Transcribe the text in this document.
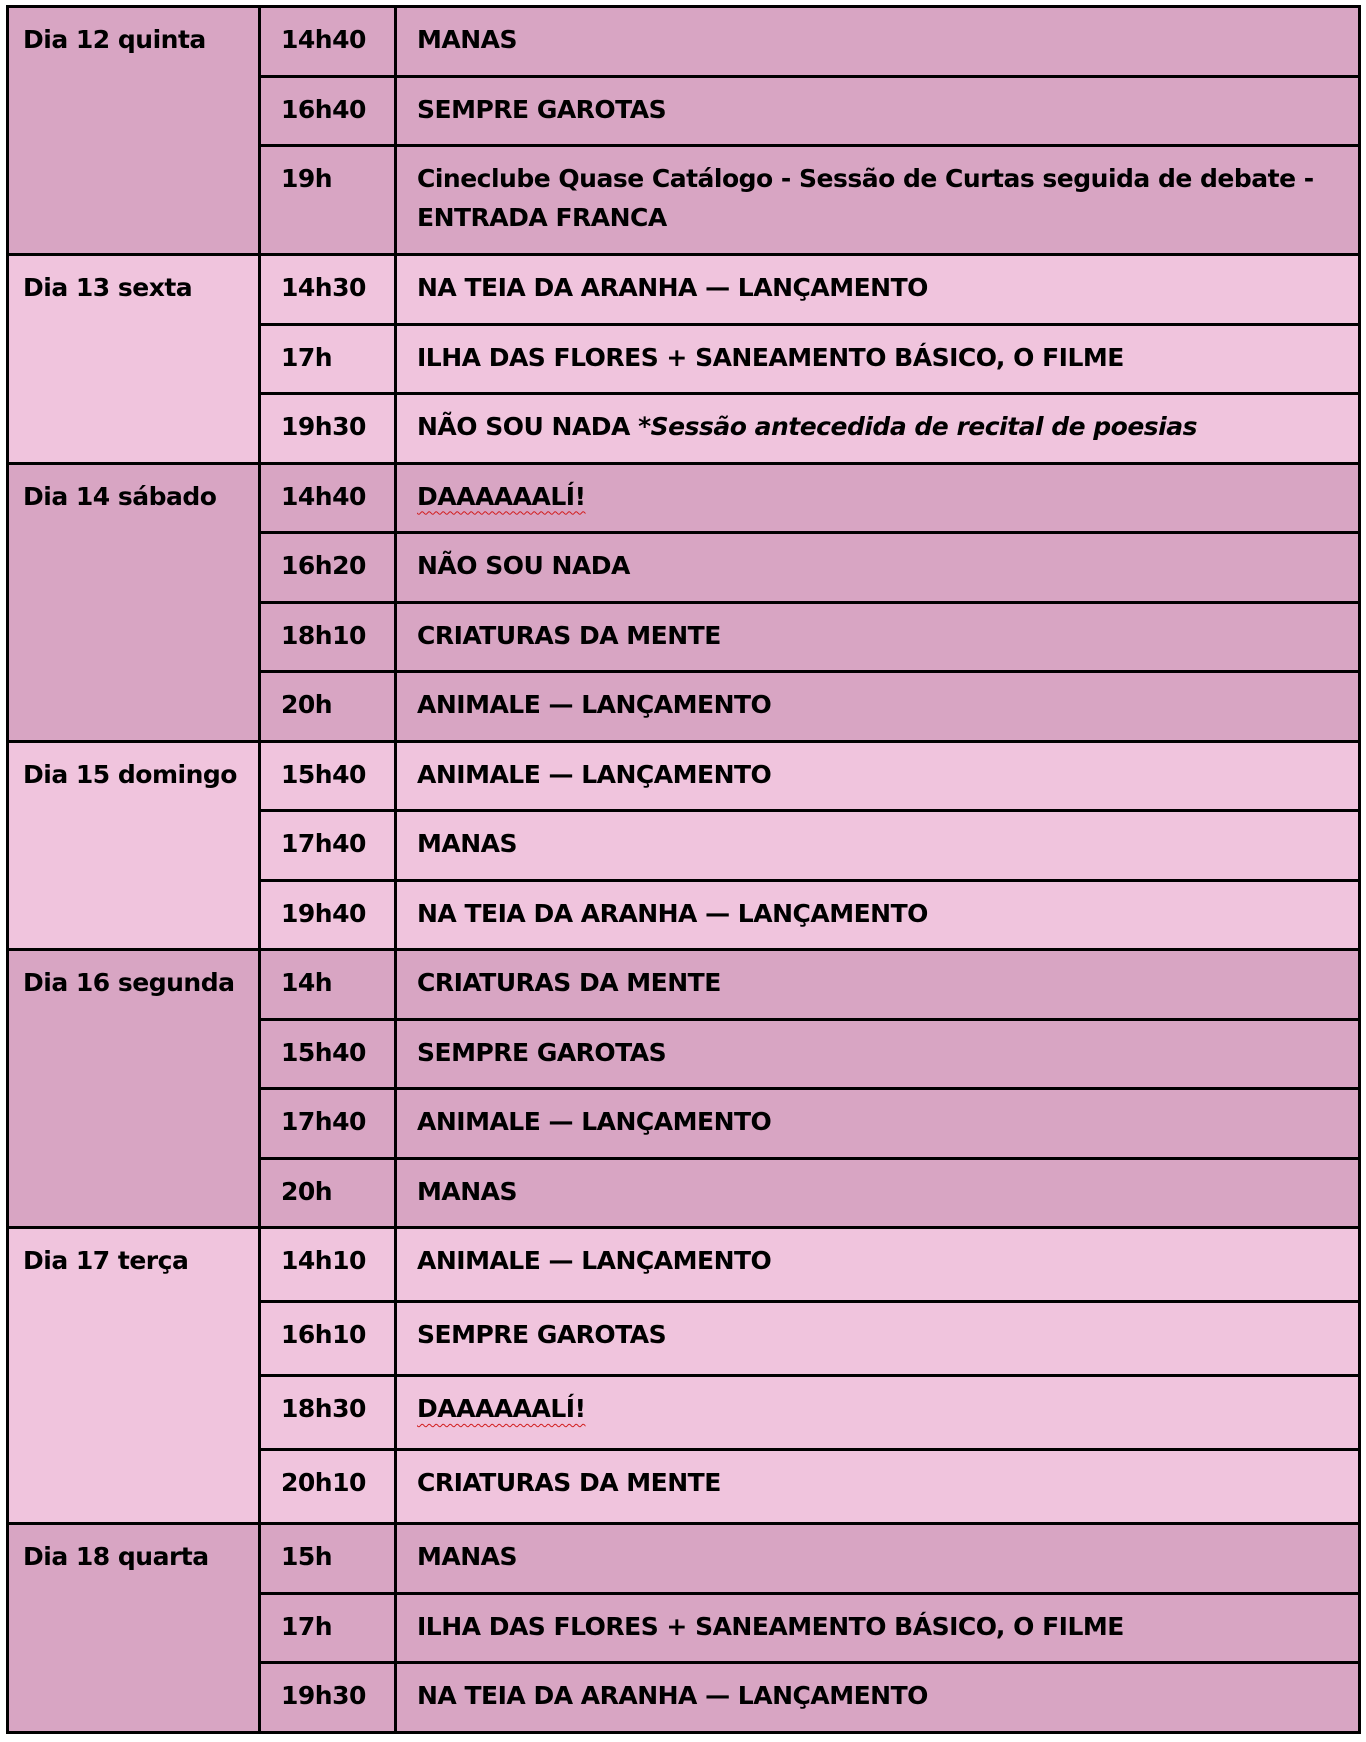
Dia 12 quinta	14h40	MANAS
	16h40	SEMPRE GAROTAS
	19h	Cineclube Quase Catálogo - Sessão de Curtas seguida de debate - ENTRADA FRANCA
Dia 13 sexta	14h30	NA TEIA DA ARANHA — LANÇAMENTO
	17h	ILHA DAS FLORES + SANEAMENTO BÁSICO, O FILME
	19h30	NÃO SOU NADA *Sessão antecedida de recital de poesias
Dia 14 sábado	14h40	DAAAAAALÍ!
	16h20	NÃO SOU NADA
	18h10	CRIATURAS DA MENTE
	20h	ANIMALE — LANÇAMENTO
Dia 15 domingo	15h40	ANIMALE — LANÇAMENTO
	17h40	MANAS
	19h40	NA TEIA DA ARANHA — LANÇAMENTO
Dia 16 segunda	14h	CRIATURAS DA MENTE
	15h40	SEMPRE GAROTAS
	17h40	ANIMALE — LANÇAMENTO
	20h	MANAS
Dia 17 terça	14h10	ANIMALE — LANÇAMENTO
	16h10	SEMPRE GAROTAS
	18h30	DAAAAAALÍ!
	20h10	CRIATURAS DA MENTE
Dia 18 quarta	15h	MANAS
	17h	ILHA DAS FLORES + SANEAMENTO BÁSICO, O FILME
	19h30	NA TEIA DA ARANHA — LANÇAMENTO
